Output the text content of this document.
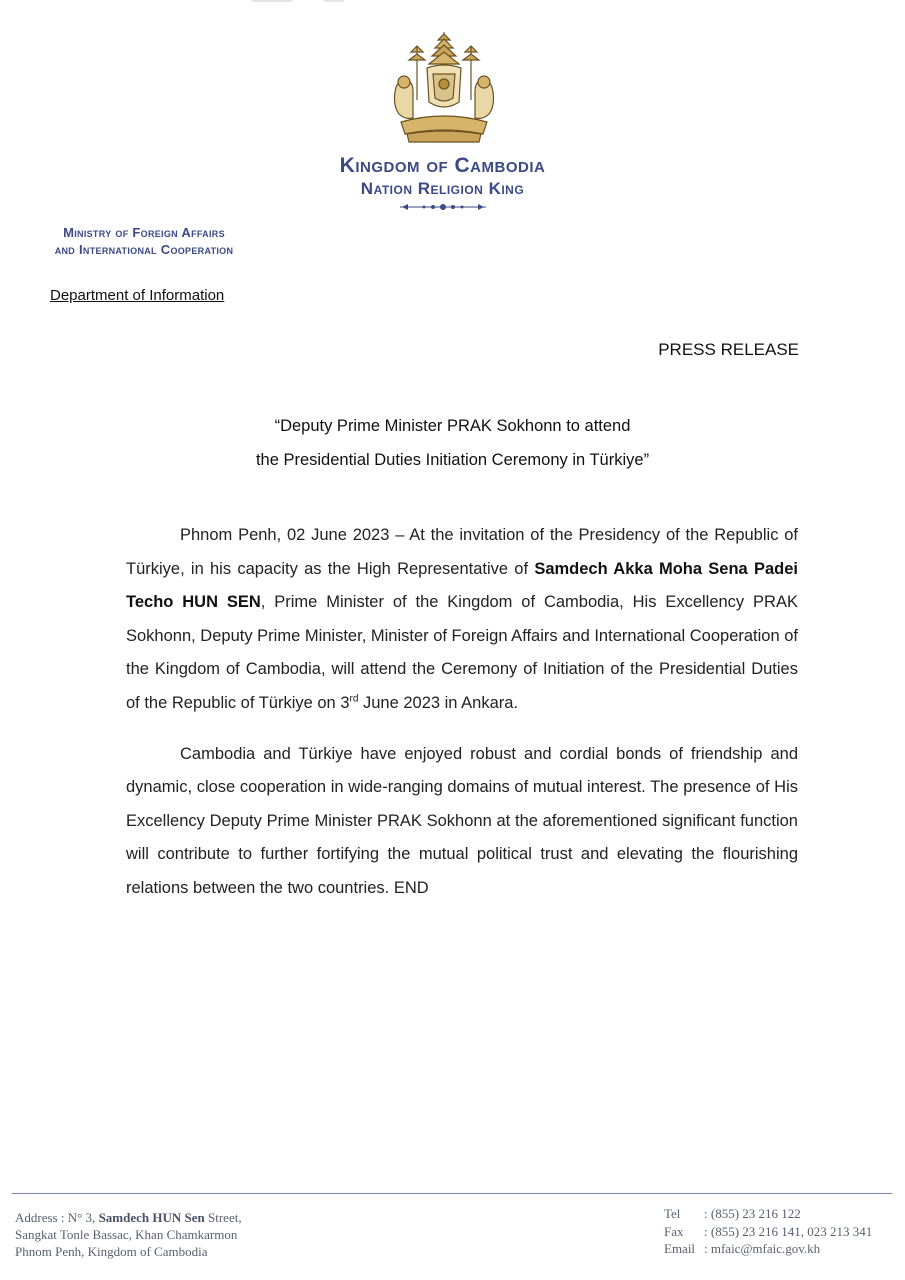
Kingdom of Cambodia
Nation Religion King
Ministry of Foreign Affairs
and International Cooperation
Department of Information
PRESS RELEASE
“Deputy Prime Minister PRAK Sokhonn to attend
the Presidential Duties Initiation Ceremony in Türkiye”

Phnom Penh, 02 June 2023 – At the invitation of the Presidency of the Republic of Türkiye, in his capacity as the High Representative of Samdech Akka Moha Sena Padei Techo HUN SEN, Prime Minister of the Kingdom of Cambodia, His Excellency PRAK Sokhonn, Deputy Prime Minister, Minister of Foreign Affairs and International Cooperation of the Kingdom of Cambodia, will attend the Ceremony of Initiation of the Presidential Duties of the Republic of Türkiye on 3rd June 2023 in Ankara.

Cambodia and Türkiye have enjoyed robust and cordial bonds of friendship and dynamic, close cooperation in wide-ranging domains of mutual interest. The presence of His Excellency Deputy Prime Minister PRAK Sokhonn at the aforementioned significant function will contribute to further fortifying the mutual political trust and elevating the flourishing relations between the two countries. END

Address : N° 3, Samdech HUN Sen Street,
Sangkat Tonle Bassac, Khan Chamkarmon
Phnom Penh, Kingdom of Cambodia
Tel	: (855) 23 216 122
Fax	: (855) 23 216 141, 023 213 341
Email : mfaic@mfaic.gov.kh
